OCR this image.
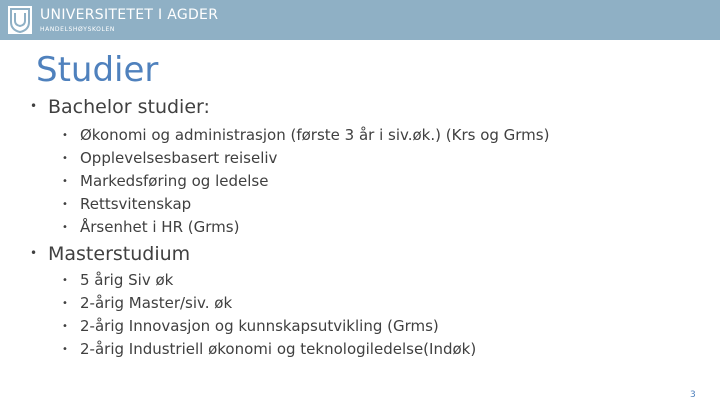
UNIVERSITETET I AGDER
HANDELSHØYSKOLEN
Studier
• Bachelor studier:
• Økonomi og administrasjon (første 3 år i siv.øk.) (Krs og Grms)
• Opplevelsesbasert reiseliv
• Markedsføring og ledelse
• Rettsvitenskap
• Årsenhet i HR (Grms)
• Masterstudium
• 5 årig Siv øk
• 2-årig Master/siv. øk
• 2-årig Innovasjon og kunnskapsutvikling (Grms)
• 2-årig Industriell økonomi og teknologiledelse(Indøk)
3
